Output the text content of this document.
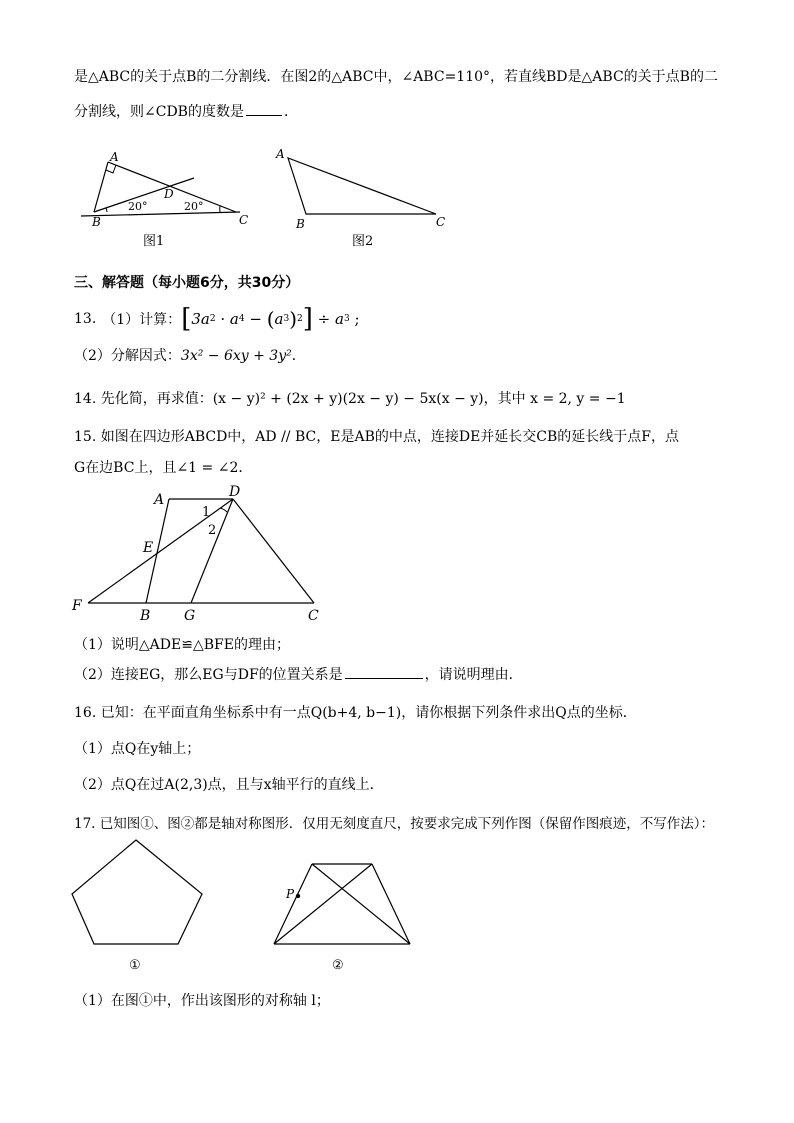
是△ABC的关于点B的二分割线．在图2的△ABC中，∠ABC=110°，若直线BD是△ABC的关于点B的二
分割线，则∠CDB的度数是	．
A
B	C
D
20°	20°
图1
A
B	C
图2
三、解答题（每小题6分，共30分）
13. （1）计算： [ 3a 2 · a 4 − ( a 3 ) 2 ] ÷ a 3 ;
（2）分解因式：3x² − 6xy + 3y²．
14. 先化简，再求值：(x − y)² + (2x + y)(2x − y) − 5x(x − y)，其中 x = 2, y = −1
15. 如图在四边形ABCD中，AD // BC，E是AB的中点，连接DE并延长交CB的延长线于点F，点
G在边BC上，且∠1 = ∠2．
A	D
E
F
B G	C
1
2
（1）说明△ADE≌△BFE的理由；
（2）连接EG，那么EG与DF的位置关系是	，请说明理由．
16. 已知：在平面直角坐标系中有一点Q(b+4, b−1)，请你根据下列条件求出Q点的坐标．
（1）点Q在y轴上；
（2）点Q在过A(2,3)点，且与x轴平行的直线上．
17. 已知图①、图②都是轴对称图形．仅用无刻度直尺，按要求完成下列作图（保留作图痕迹，不写作法）：
①
P
②
（1）在图①中，作出该图形的对称轴 l；
